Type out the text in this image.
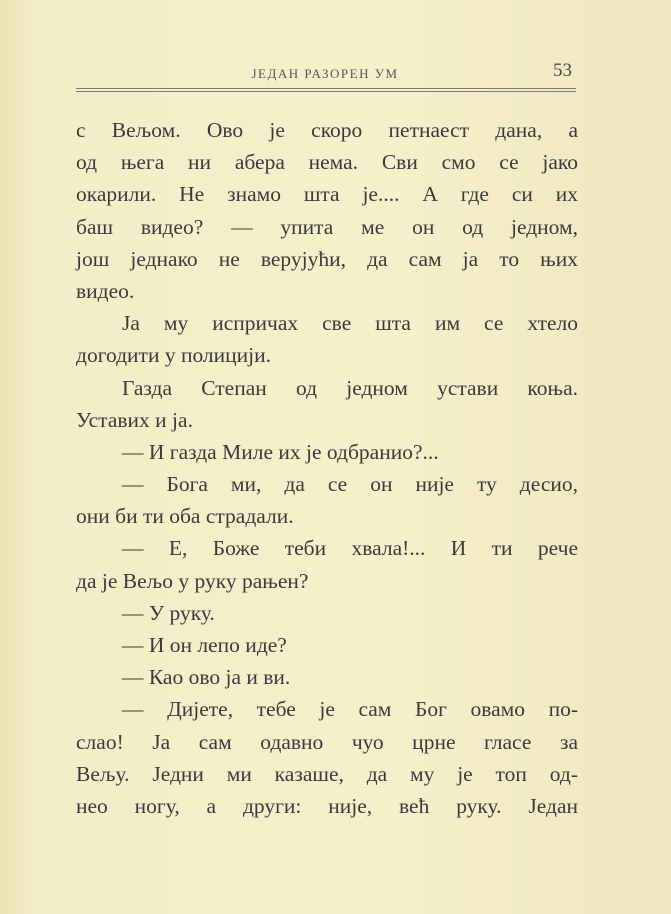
ЈЕДАН РАЗОРЕН УМ	53
с Вељом. Ово је скоро петнаест дана, а
од њега ни абера нема. Сви смо се јако
окарили. Не знамо шта је.... А где си их
баш видео? — упита ме он од једном,
још једнако не верујући, да сам ја то њих
видео.
Ја му испричах све шта им се хтело
догодити у полицији.
Газда Степан од једном устави коња.
Уставих и ја.
— И газда Миле их је одбранио?...
— Бога ми, да се он није ту десио,
они би ти оба страдали.
— Е, Боже теби хвала!... И ти рече
да је Вељо у руку рањен?
— У руку.
— И он лепо иде?
— Као ово ја и ви.
— Дијете, тебе је сам Бог овамо по-
слао! Ја сам одавно чуо црне гласе за
Вељу. Једни ми казаше, да му је топ од-
нео ногу, а други: није, већ руку. Један
